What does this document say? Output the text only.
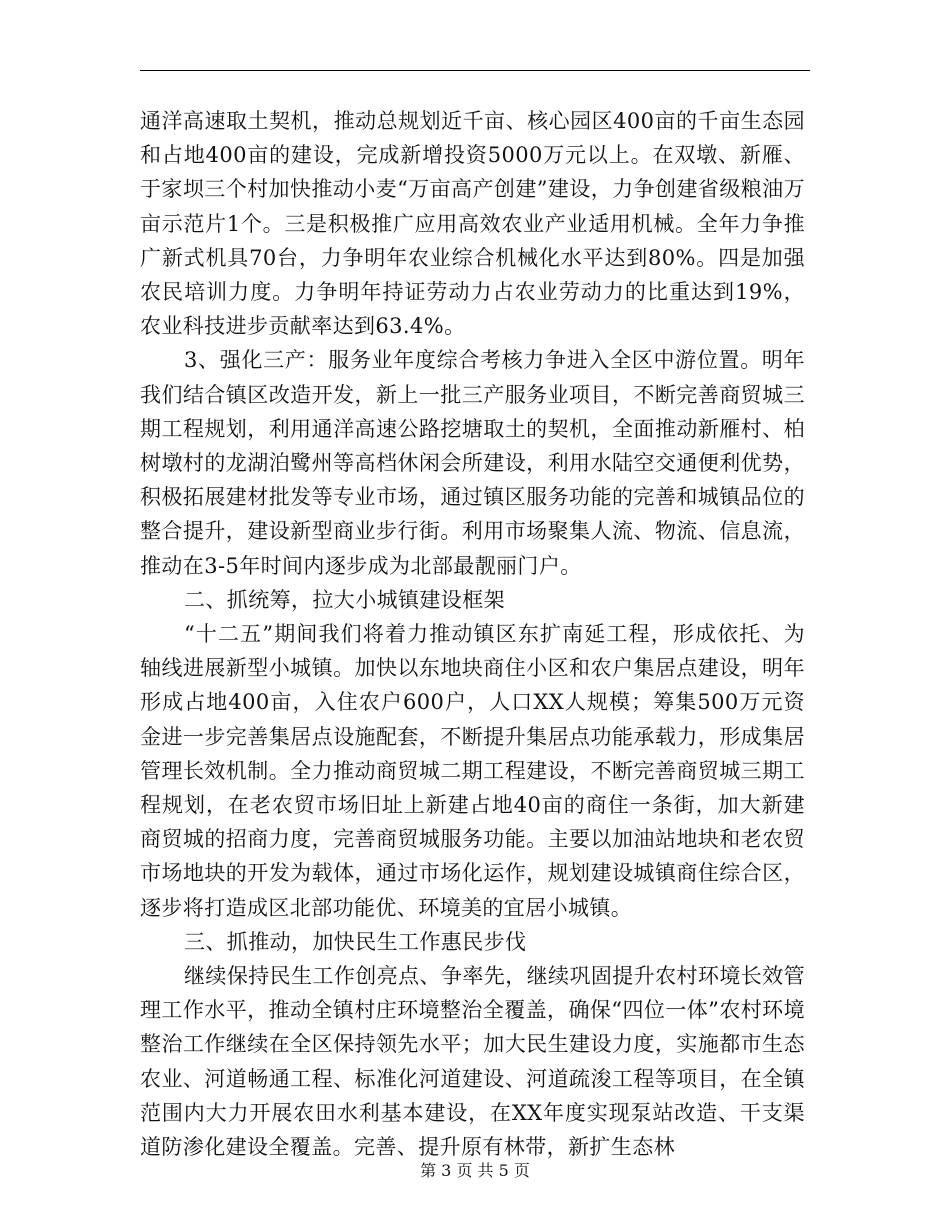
通洋高速取土契机，推动总规划近千亩、核心园区400亩的千亩生态园和占地400亩的建设，完成新增投资5000万元以上。在双墩、新雁、于家坝三个村加快推动小麦“万亩高产创建”建设，力争创建省级粮油万亩示范片1个。三是积极推广应用高效农业产业适用机械。全年力争推广新式机具70台，力争明年农业综合机械化水平达到80%。四是加强农民培训力度。力争明年持证劳动力占农业劳动力的比重达到19%，农业科技进步贡献率达到63.4%。

3、强化三产：服务业年度综合考核力争进入全区中游位置。明年我们结合镇区改造开发，新上一批三产服务业项目，不断完善商贸城三期工程规划，利用通洋高速公路挖塘取土的契机，全面推动新雁村、柏树墩村的龙湖泊鹭州等高档休闲会所建设，利用水陆空交通便利优势，积极拓展建材批发等专业市场，通过镇区服务功能的完善和城镇品位的整合提升，建设新型商业步行街。利用市场聚集人流、物流、信息流，推动在3-5年时间内逐步成为北部最靓丽门户。

二、抓统筹，拉大小城镇建设框架

“十二五”期间我们将着力推动镇区东扩南延工程，形成依托、为轴线进展新型小城镇。加快以东地块商住小区和农户集居点建设，明年形成占地400亩，入住农户600户，人口XX人规模；筹集500万元资金进一步完善集居点设施配套，不断提升集居点功能承载力，形成集居管理长效机制。全力推动商贸城二期工程建设，不断完善商贸城三期工程规划，在老农贸市场旧址上新建占地40亩的商住一条街，加大新建商贸城的招商力度，完善商贸城服务功能。主要以加油站地块和老农贸市场地块的开发为载体，通过市场化运作，规划建设城镇商住综合区，逐步将打造成区北部功能优、环境美的宜居小城镇。

三、抓推动，加快民生工作惠民步伐

继续保持民生工作创亮点、争率先，继续巩固提升农村环境长效管理工作水平，推动全镇村庄环境整治全覆盖，确保“四位一体”农村环境整治工作继续在全区保持领先水平；加大民生建设力度，实施都市生态农业、河道畅通工程、标准化河道建设、河道疏浚工程等项目，在全镇范围内大力开展农田水利基本建设，在XX年度实现泵站改造、干支渠道防渗化建设全覆盖。完善、提升原有林带，新扩生态林

第 3 页 共 5 页
